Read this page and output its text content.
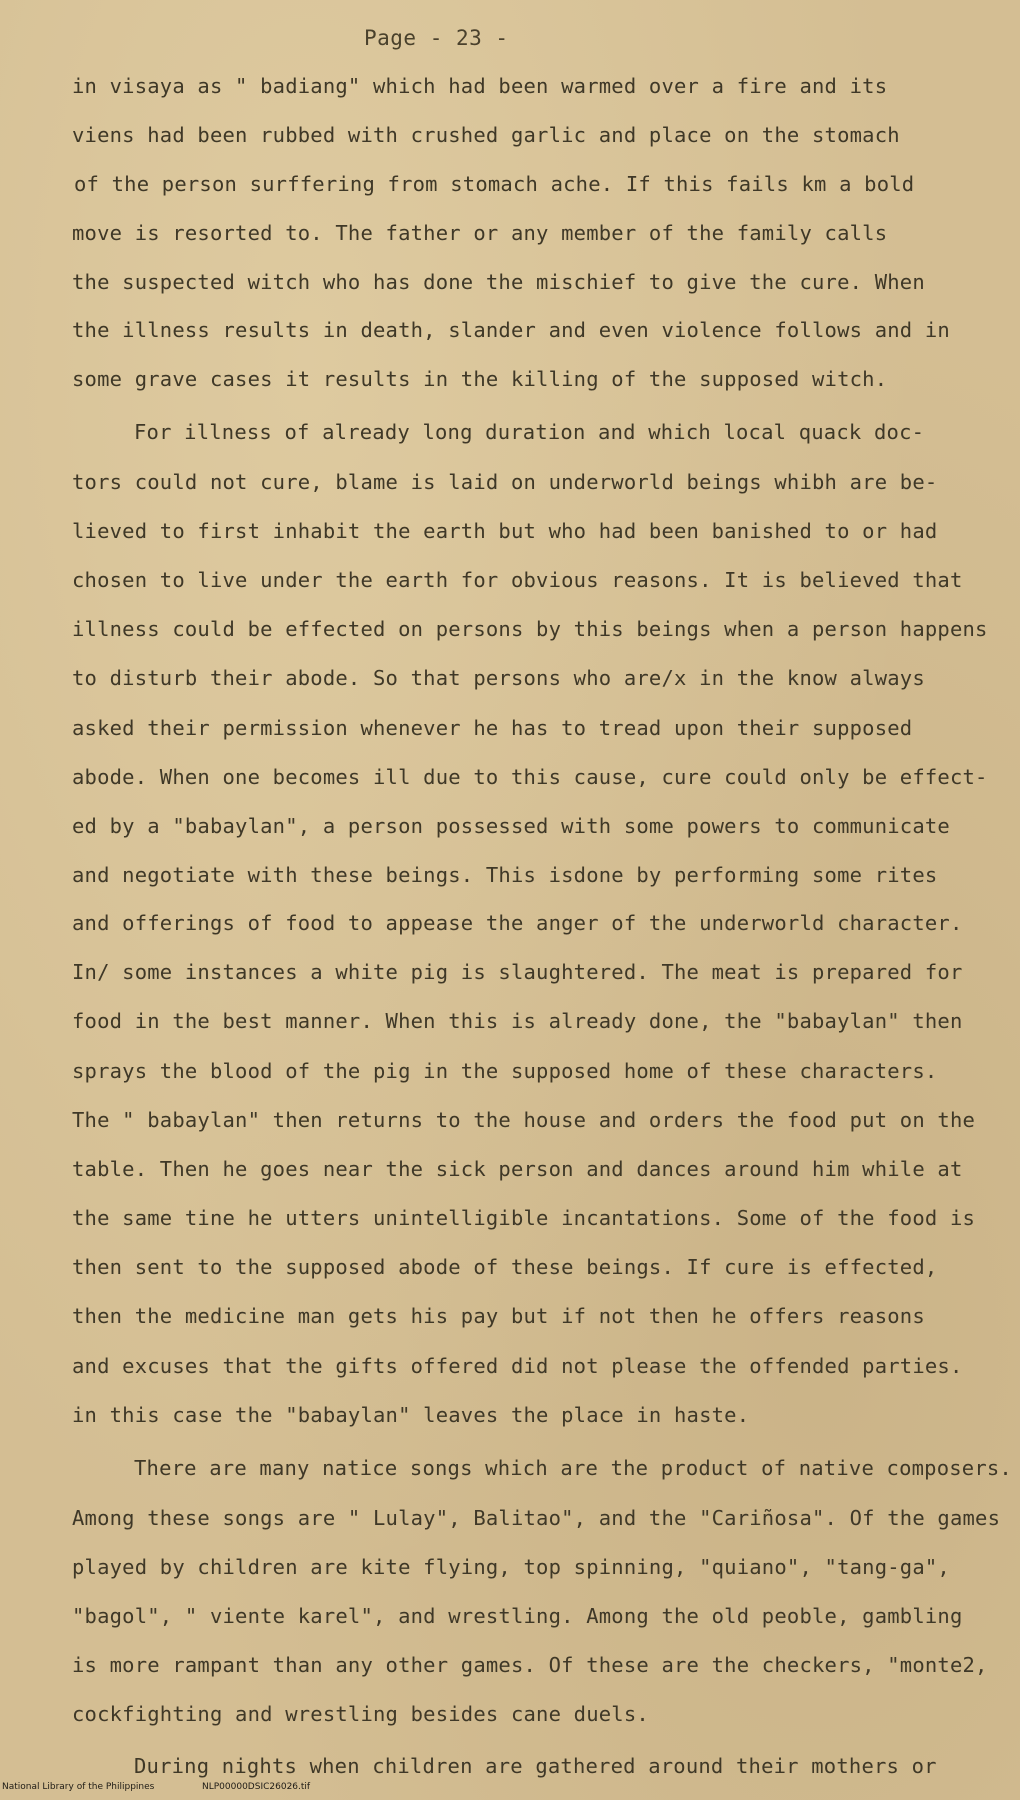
Page - 23 -

in visaya as " badiang" which had been warmed over a fire and its
viens had been rubbed with crushed garlic and place on the stomach
of the person surffering from stomach ache. If this fails km a bold
move is resorted to. The father or any member of the family calls
the suspected witch who has done the mischief to give the cure. When
the illness results in death, slander and even violence follows and in
some grave cases it results in the killing of the supposed witch.
For illness of already long duration and which local quack doc-
tors could not cure, blame is laid on underworld beings whibh are be-
lieved to first inhabit the earth but who had been banished to or had
chosen to live under the earth for obvious reasons. It is believed that
illness could be effected on persons by this beings when a person happens
to disturb their abode. So that persons who are/x in the know always
asked their permission whenever he has to tread upon their supposed
abode. When one becomes ill due to this cause, cure could only be effect-
ed by a "babaylan", a person possessed with some powers to communicate
and negotiate with these beings. This isdone by performing some rites
and offerings of food to appease the anger of the underworld character.
In/ some instances a white pig is slaughtered. The meat is prepared for
food in the best manner. When this is already done, the "babaylan" then
sprays the blood of the pig in the supposed home of these characters.
The " babaylan" then returns to the house and orders the food put on the
table. Then he goes near the sick person and dances around him while at
the same tine he utters unintelligible incantations. Some of the food is
then sent to the supposed abode of these beings. If cure is effected,
then the medicine man gets his pay but if not then he offers reasons
and excuses that the gifts offered did not please the offended parties.
in this case the "babaylan" leaves the place in haste.
There are many natice songs which are the product of native composers.
Among these songs are " Lulay", Balitao", and the "Cariñosa". Of the games
played by children are kite flying, top spinning, "quiano", "tang-ga",
"bagol", " viente karel", and wrestling. Among the old peoble, gambling
is more rampant than any other games. Of these are the checkers, "monte2,
cockfighting and wrestling besides cane duels.
During nights when children are gathered around their mothers or
National Library of the Philippines	NLP00000DSIC26026.tif
